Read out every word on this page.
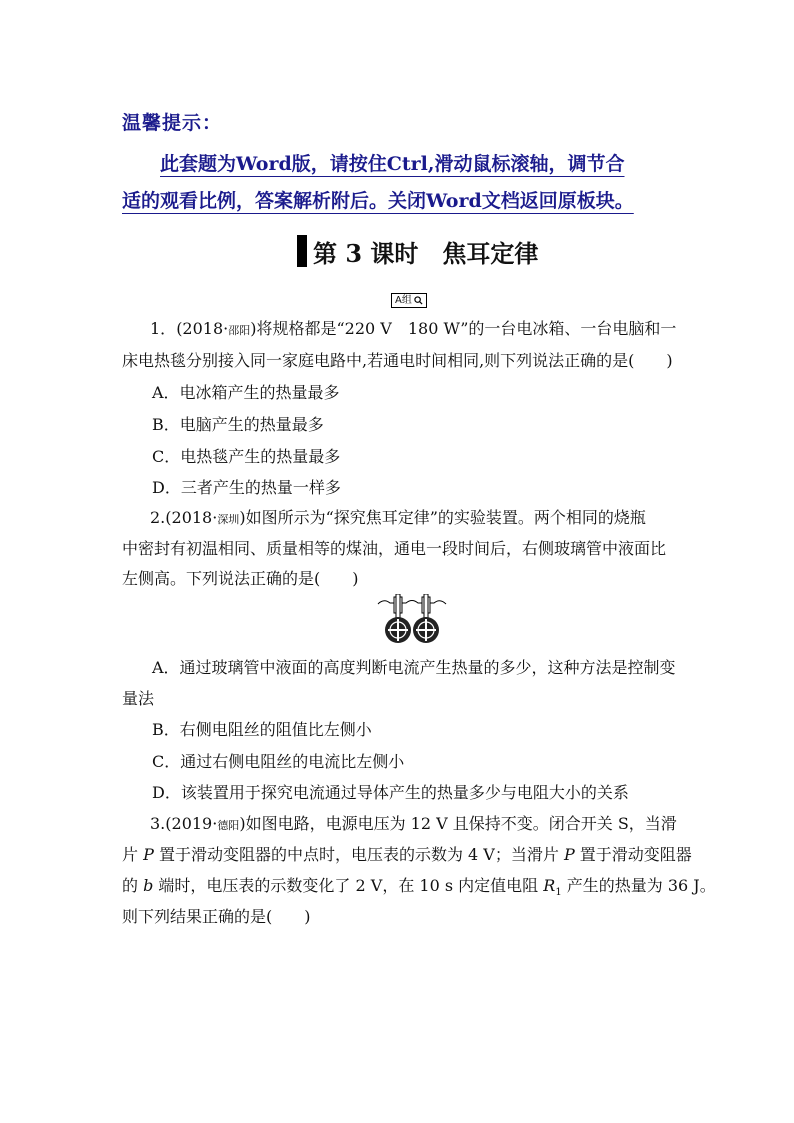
温馨提示：
此套题为Word版，请按住Ctrl,滑动鼠标滚轴，调节合
适的观看比例，答案解析附后。关闭Word文档返回原板块。
第 3 课时　焦耳定律
A组
1．(2018·邵阳)将规格都是“220 V　180 W”的一台电冰箱、一台电脑和一
床电热毯分别接入同一家庭电路中,若通电时间相同,则下列说法正确的是(　　)
A．电冰箱产生的热量最多
B．电脑产生的热量最多
C．电热毯产生的热量最多
D．三者产生的热量一样多
2.(2018·深圳)如图所示为“探究焦耳定律”的实验装置。两个相同的烧瓶
中密封有初温相同、质量相等的煤油，通电一段时间后，右侧玻璃管中液面比
左侧高。下列说法正确的是(　　)
A．通过玻璃管中液面的高度判断电流产生热量的多少，这种方法是控制变
量法
B．右侧电阻丝的阻值比左侧小
C．通过右侧电阻丝的电流比左侧小
D．该装置用于探究电流通过导体产生的热量多少与电阻大小的关系
3.(2019·德阳)如图电路，电源电压为 12 V 且保持不变。闭合开关 S，当滑
片 P 置于滑动变阻器的中点时，电压表的示数为 4 V；当滑片 P 置于滑动变阻器
的 b 端时，电压表的示数变化了 2 V，在 10 s 内定值电阻 $R_1$ 产生的热量为 36 J。
则下列结果正确的是(　　)
